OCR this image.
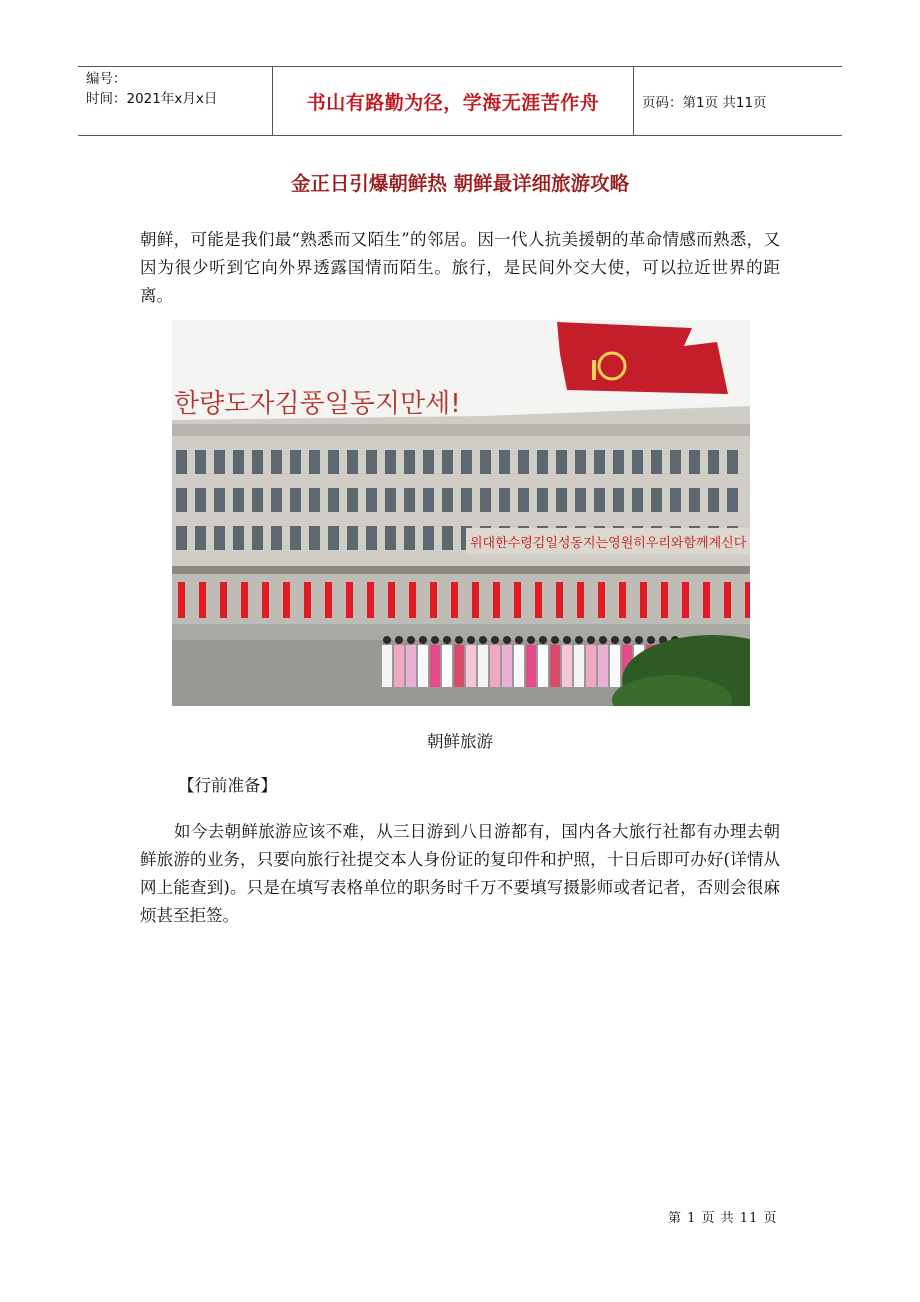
编号：
时间：2021年x月x日	书山有路勤为径，学海无涯苦作舟	页码：第1页 共11页
金正日引爆朝鲜热 朝鲜最详细旅游攻略
朝鲜，可能是我们最“熟悉而又陌生”的邻居。因一代人抗美援朝的革命情感而熟悉，又因为很少听到它向外界透露国情而陌生。旅行，是民间外交大使，可以拉近世界的距离。
한량도자김풍일동지만세!
위대한수령김일성동지는영원히우리와함께계신다
朝鲜旅游
【行前准备】
如今去朝鲜旅游应该不难，从三日游到八日游都有，国内各大旅行社都有办理去朝鲜旅游的业务，只要向旅行社提交本人身份证的复印件和护照，十日后即可办好(详情从网上能查到)。只是在填写表格单位的职务时千万不要填写摄影师或者记者，否则会很麻烦甚至拒签。
第 1 页 共 11 页
